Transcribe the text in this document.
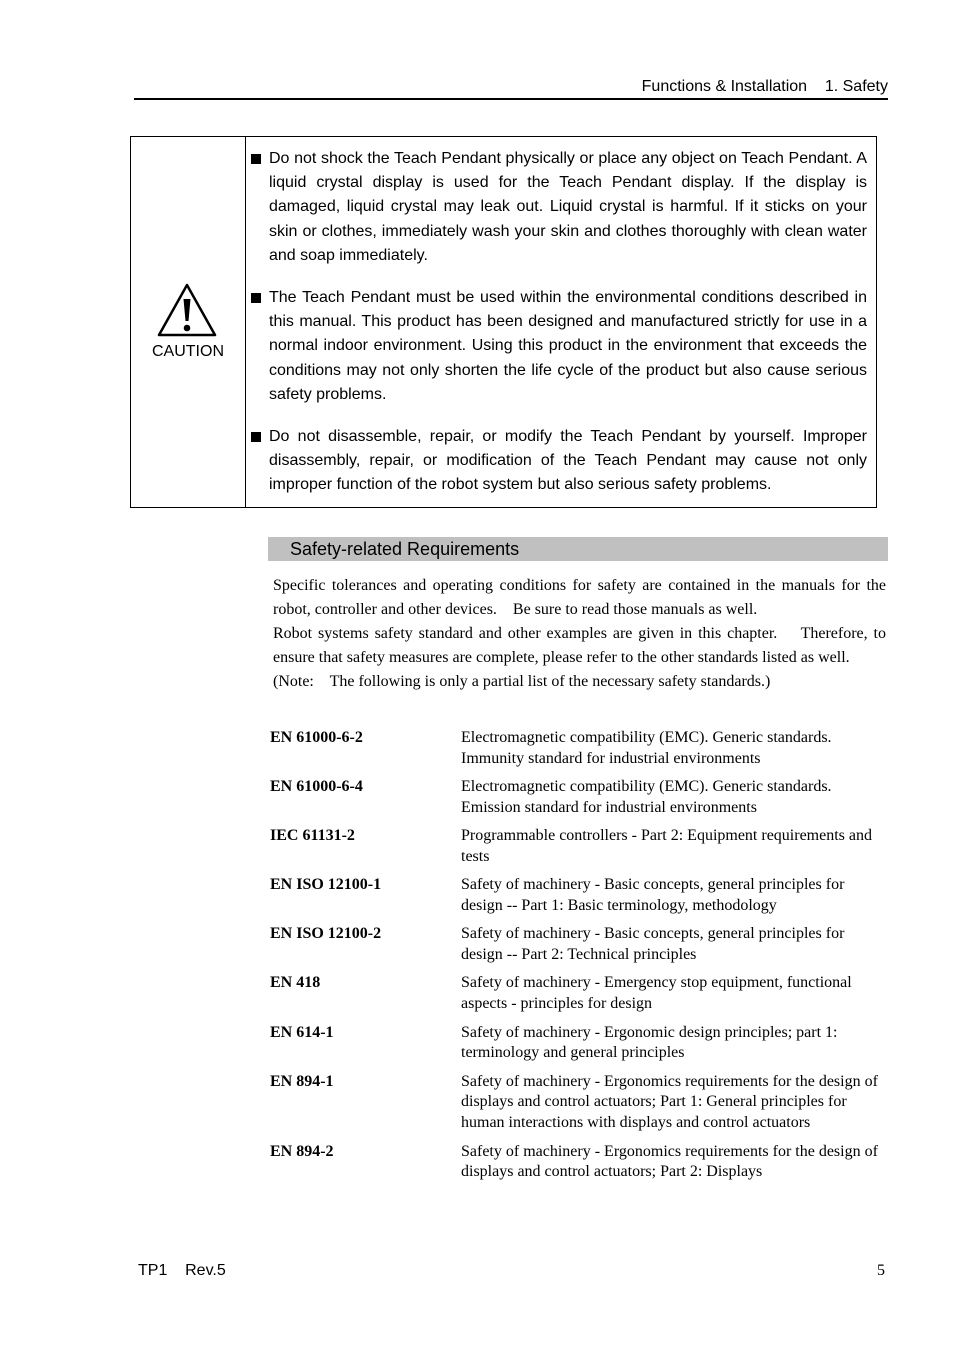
Functions & Installation    1. Safety
CAUTION
Do not shock the Teach Pendant physically or place any object on Teach Pendant. A liquid crystal display is used for the Teach Pendant display. If the display is damaged, liquid crystal may leak out. Liquid crystal is harmful. If it sticks on your skin or clothes, immediately wash your skin and clothes thoroughly with clean water and soap immediately.
The Teach Pendant must be used within the environmental conditions described in this manual. This product has been designed and manufactured strictly for use in a normal indoor environment. Using this product in the environment that exceeds the conditions may not only shorten the life cycle of the product but also cause serious safety problems.
Do not disassemble, repair, or modify the Teach Pendant by yourself. Improper disassembly, repair, or modification of the Teach Pendant may cause not only improper function of the robot system but also serious safety problems.
Safety-related Requirements

Specific tolerances and operating conditions for safety are contained in the manuals for the robot, controller and other devices.    Be sure to read those manuals as well.

Robot systems safety standard and other examples are given in this chapter.    Therefore, to ensure that safety measures are complete, please refer to the other standards listed as well.

(Note:    The following is only a partial list of the necessary safety standards.)

EN 61000-6-2	Electromagnetic compatibility (EMC). Generic standards. Immunity standard for industrial environments
EN 61000-6-4	Electromagnetic compatibility (EMC). Generic standards. Emission standard for industrial environments
IEC 61131-2	Programmable controllers - Part 2: Equipment requirements and tests
EN ISO 12100-1	Safety of machinery - Basic concepts, general principles for design -- Part 1: Basic terminology, methodology
EN ISO 12100-2	Safety of machinery - Basic concepts, general principles for design -- Part 2: Technical principles
EN 418	Safety of machinery - Emergency stop equipment, functional aspects - principles for design
EN 614-1	Safety of machinery - Ergonomic design principles; part 1: terminology and general principles
EN 894-1	Safety of machinery - Ergonomics requirements for the design of displays and control actuators; Part 1: General principles for human interactions with displays and control actuators
EN 894-2	Safety of machinery - Ergonomics requirements for the design of displays and control actuators; Part 2: Displays
TP1    Rev.5	5
